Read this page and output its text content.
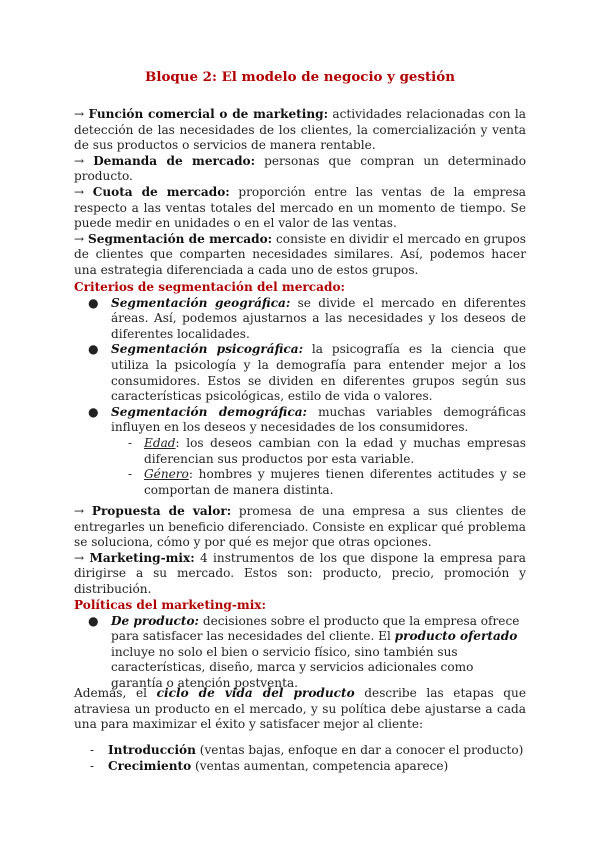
Bloque 2: El modelo de negocio y gestión

→ Función comercial o de marketing: actividades relacionadas con la detección de las necesidades de los clientes, la comercialización y venta de sus productos o servicios de manera rentable.

→ Demanda de mercado: personas que compran un determinado producto.

→ Cuota de mercado: proporción entre las ventas de la empresa respecto a las ventas totales del mercado en un momento de tiempo. Se puede medir en unidades o en el valor de las ventas.

→ Segmentación de mercado: consiste en dividir el mercado en grupos de clientes que comparten necesidades similares. Así, podemos hacer una estrategia diferenciada a cada uno de estos grupos.

Criterios de segmentación del mercado:

● Segmentación geográfica: se divide el mercado en diferentes áreas. Así, podemos ajustarnos a las necesidades y los deseos de diferentes localidades.
● Segmentación psicográfica: la psicografía es la ciencia que utiliza la psicología y la demografía para entender mejor a los consumidores. Estos se dividen en diferentes grupos según sus características psicológicas, estilo de vida o valores.
● Segmentación demográfica: muchas variables demográficas influyen en los deseos y necesidades de los consumidores.
- Edad: los deseos cambian con la edad y muchas empresas diferencian sus productos por esta variable.
- Género: hombres y mujeres tienen diferentes actitudes y se comportan de manera distinta.

→ Propuesta de valor: promesa de una empresa a sus clientes de entregarles un beneficio diferenciado. Consiste en explicar qué problema se soluciona, cómo y por qué es mejor que otras opciones.

→ Marketing-mix: 4 instrumentos de los que dispone la empresa para dirigirse a su mercado. Estos son: producto, precio, promoción y distribución.

Políticas del marketing-mix:

● De producto: decisiones sobre el producto que la empresa ofrece para satisfacer las necesidades del cliente. El producto ofertado incluye no solo el bien o servicio físico, sino también sus características, diseño, marca y servicios adicionales como garantía o atención postventa.

Además, el ciclo de vida del producto describe las etapas que atraviesa un producto en el mercado, y su política debe ajustarse a cada una para maximizar el éxito y satisfacer mejor al cliente:

- Introducción (ventas bajas, enfoque en dar a conocer el producto)
- Crecimiento (ventas aumentan, competencia aparece)
